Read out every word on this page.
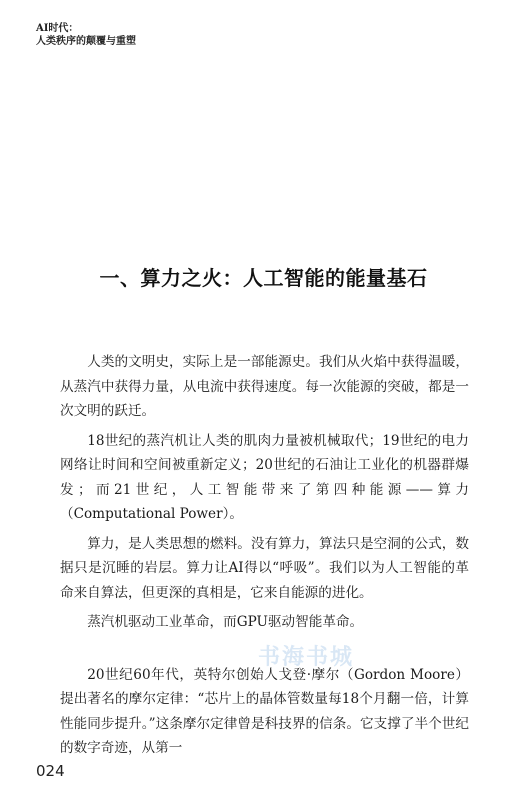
AI时代：
人类秩序的颠覆与重塑
一、算力之火：人工智能的能量基石

人类的文明史，实际上是一部能源史。我们从火焰中获得温暖，从蒸汽中获得力量，从电流中获得速度。每一次能源的突破，都是一次文明的跃迁。

18世纪的蒸汽机让人类的肌肉力量被机械取代；19世纪的电力网络让时间和空间被重新定义；20世纪的石油让工业化的机器群爆发；而21世纪，人工智能带来了第四种能源——算力（Computational Power）。

算力，是人类思想的燃料。没有算力，算法只是空洞的公式，数据只是沉睡的岩层。算力让AI得以“呼吸”。我们以为人工智能的革命来自算法，但更深的真相是，它来自能源的进化。

蒸汽机驱动工业革命，而GPU驱动智能革命。

20世纪60年代，英特尔创始人戈登·摩尔（Gordon Moore）提出著名的摩尔定律：“芯片上的晶体管数量每18个月翻一倍，计算性能同步提升。”这条摩尔定律曾是科技界的信条。它支撑了半个世纪的数字奇迹，从第一

书海书城
024
